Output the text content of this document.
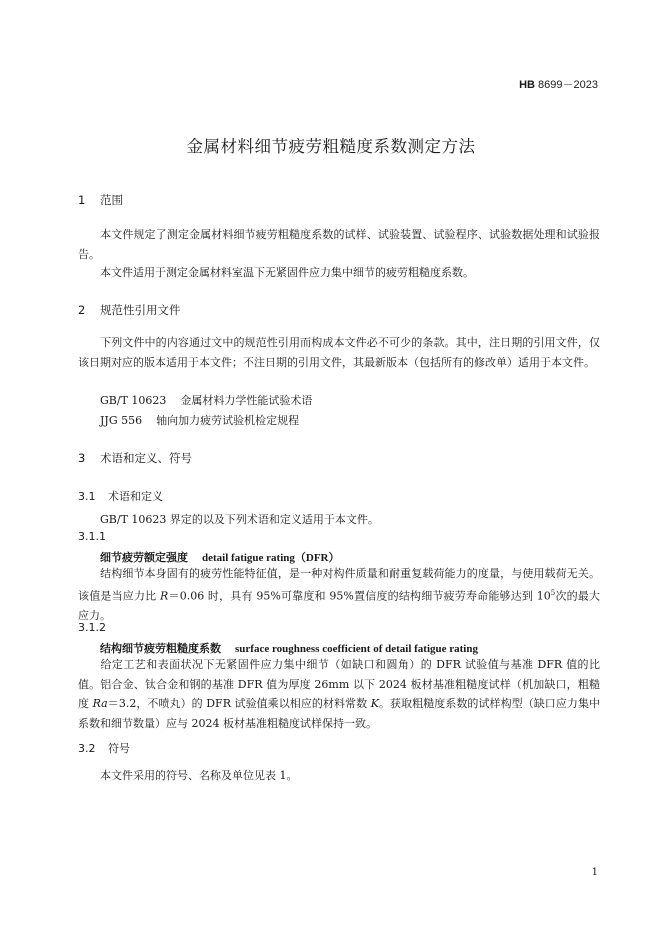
HB 8699－2023
金属材料细节疲劳粗糙度系数测定方法
1 范围
本文件规定了测定金属材料细节疲劳粗糙度系数的试样、试验装置、试验程序、试验数据处理和试验报告。
本文件适用于测定金属材料室温下无紧固件应力集中细节的疲劳粗糙度系数。
2 规范性引用文件
下列文件中的内容通过文中的规范性引用而构成本文件必不可少的条款。其中，注日期的引用文件，仅该日期对应的版本适用于本文件；不注日期的引用文件，其最新版本（包括所有的修改单）适用于本文件。
GB/T 10623 金属材料力学性能试验术语
JJG 556 轴向加力疲劳试验机检定规程
3 术语和定义、符号
3.1 术语和定义
GB/T 10623 界定的以及下列术语和定义适用于本文件。
3.1.1
细节疲劳额定强度 detail fatigue rating（DFR）
结构细节本身固有的疲劳性能特征值，是一种对构件质量和耐重复载荷能力的度量，与使用载荷无关。该值是当应力比 R＝0.06 时，具有 95%可靠度和 95%置信度的结构细节疲劳寿命能够达到 $10^5$次的最大应力。
3.1.2
结构细节疲劳粗糙度系数 surface roughness coefficient of detail fatigue rating
给定工艺和表面状况下无紧固件应力集中细节（如缺口和圆角）的 DFR 试验值与基准 DFR 值的比值。铝合金、钛合金和钢的基准 DFR 值为厚度 26mm 以下 2024 板材基准粗糙度试样（机加缺口，粗糙度 Ra＝3.2，不喷丸）的 DFR 试验值乘以相应的材料常数 K。获取粗糙度系数的试样构型（缺口应力集中系数和细节数量）应与 2024 板材基准粗糙度试样保持一致。
3.2 符号
本文件采用的符号、名称及单位见表 1。
1
